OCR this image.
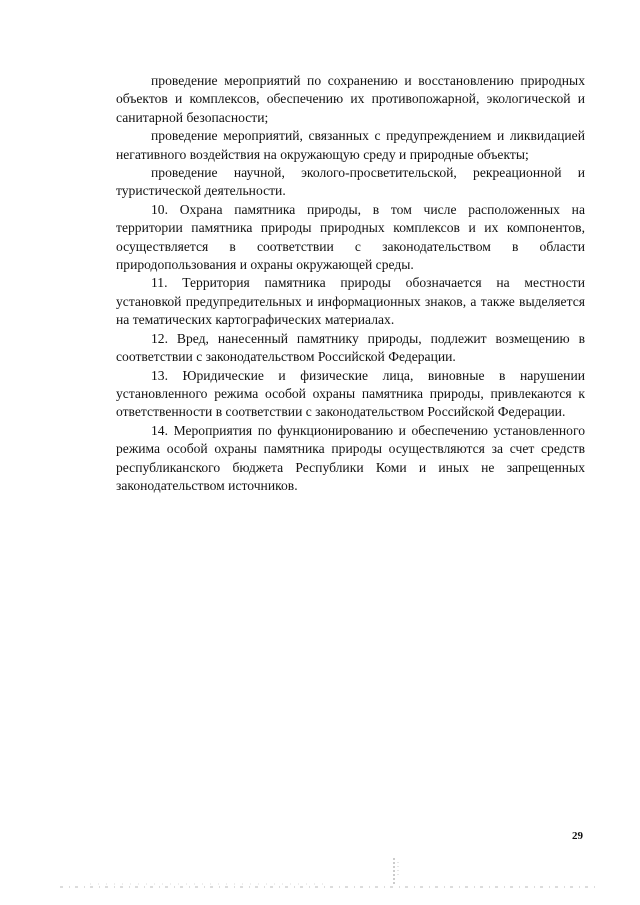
проведение мероприятий по сохранению и восстановлению природных объектов и комплексов, обеспечению их противопожарной, экологической и санитарной безопасности;

проведение мероприятий, связанных с предупреждением и ликвидацией негативного воздействия на окружающую среду и природные объекты;

проведение научной, эколого-просветительской, рекреационной и туристической деятельности.

10. Охрана памятника природы, в том числе расположенных на территории памятника природы природных комплексов и их компонентов, осуществляется в соответствии с законодательством в области природопользования и охраны окружающей среды.

11. Территория памятника природы обозначается на местности установкой предупредительных и информационных знаков, а также выделяется на тематических картографических материалах.

12. Вред, нанесенный памятнику природы, подлежит возмещению в соответствии с законодательством Российской Федерации.

13. Юридические и физические лица, виновные в нарушении установленного режима особой охраны памятника природы, привлекаются к ответственности в соответствии с законодательством Российской Федерации.

14. Мероприятия по функционированию и обеспечению установленного режима особой охраны памятника природы осуществляются за счет средств республиканского бюджета Республики Коми и иных не запрещенных законодательством источников.

29
